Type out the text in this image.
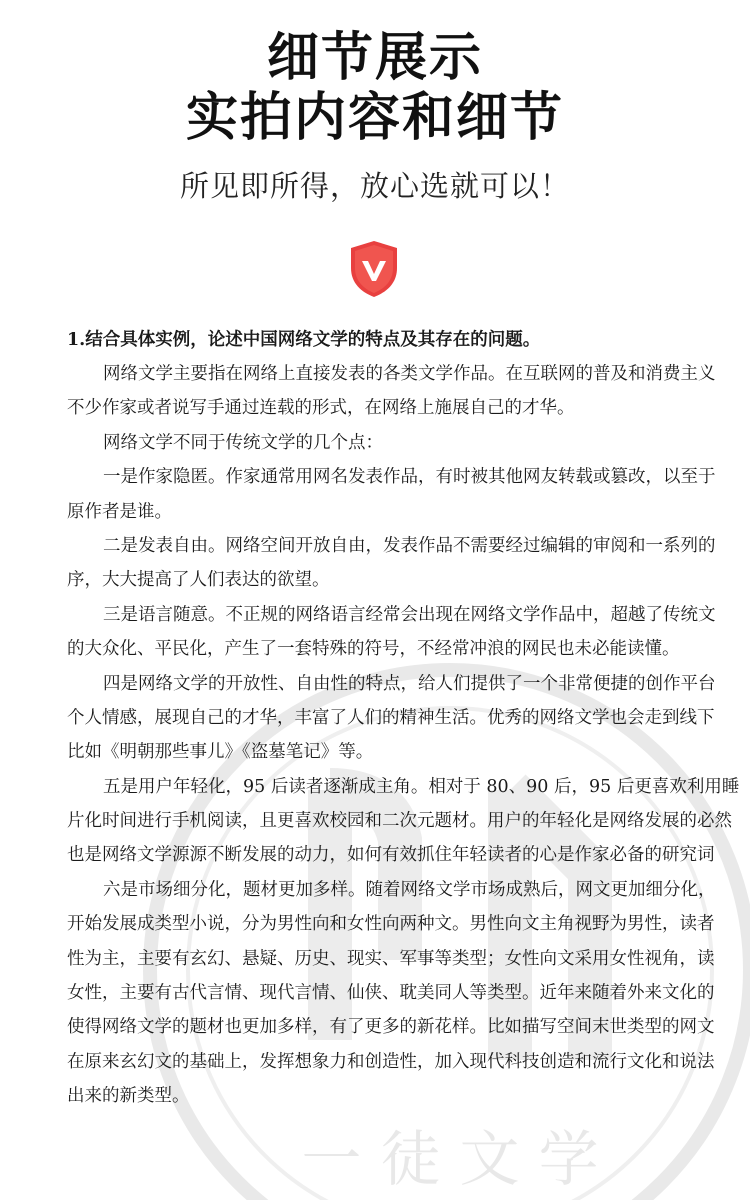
细节展示
实拍内容和细节
所见即所得，放心选就可以！
一 徒 文 学
1.结合具体实例，论述中国网络文学的特点及其存在的问题。
网络文学主要指在网络上直接发表的各类文学作品。在互联网的普及和消费主义
不少作家或者说写手通过连载的形式，在网络上施展自己的才华。
网络文学不同于传统文学的几个点：
一是作家隐匿。作家通常用网名发表作品，有时被其他网友转载或篡改，以至于
原作者是谁。
二是发表自由。网络空间开放自由，发表作品不需要经过编辑的审阅和一系列的
序，大大提高了人们表达的欲望。
三是语言随意。不正规的网络语言经常会出现在网络文学作品中，超越了传统文
的大众化、平民化，产生了一套特殊的符号，不经常冲浪的网民也未必能读懂。
四是网络文学的开放性、自由性的特点，给人们提供了一个非常便捷的创作平台
个人情感，展现自己的才华，丰富了人们的精神生活。优秀的网络文学也会走到线下
比如《明朝那些事儿》《盗墓笔记》等。
五是用户年轻化，95 后读者逐渐成主角。相对于 80、90 后，95 后更喜欢利用睡
片化时间进行手机阅读，且更喜欢校园和二次元题材。用户的年轻化是网络发展的必然
也是网络文学源源不断发展的动力，如何有效抓住年轻读者的心是作家必备的研究词
六是市场细分化，题材更加多样。随着网络文学市场成熟后，网文更加细分化，
开始发展成类型小说，分为男性向和女性向两种文。男性向文主角视野为男性，读者
性为主，主要有玄幻、悬疑、历史、现实、军事等类型；女性向文采用女性视角，读
女性，主要有古代言情、现代言情、仙侠、耽美同人等类型。近年来随着外来文化的
使得网络文学的题材也更加多样，有了更多的新花样。比如描写空间末世类型的网文
在原来玄幻文的基础上，发挥想象力和创造性，加入现代科技创造和流行文化和说法
出来的新类型。
